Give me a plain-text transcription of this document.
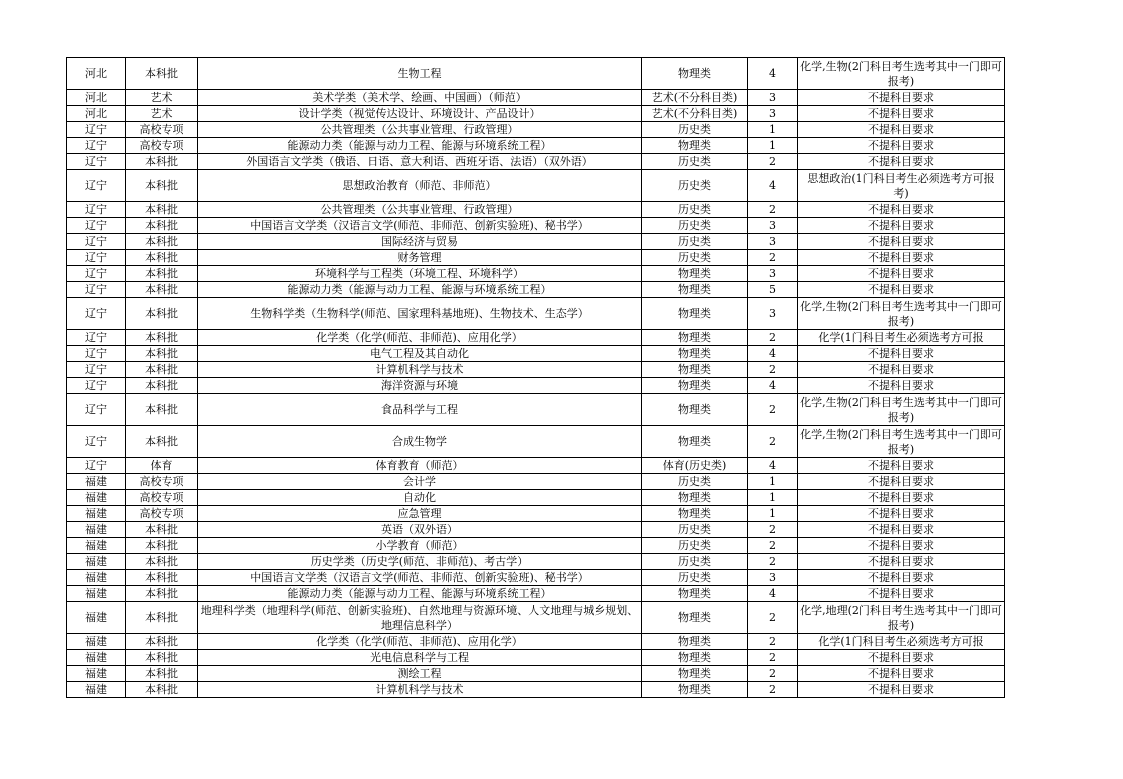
河北	本科批	生物工程	物理类	4	化学,生物(2门科目考生选考其中一门即可报考)
河北	艺术	美术学类（美术学、绘画、中国画）（师范）	艺术(不分科目类)	3	不提科目要求
河北	艺术	设计学类（视觉传达设计、环境设计、产品设计）	艺术(不分科目类)	3	不提科目要求
辽宁	高校专项	公共管理类（公共事业管理、行政管理）	历史类	1	不提科目要求
辽宁	高校专项	能源动力类（能源与动力工程、能源与环境系统工程）	物理类	1	不提科目要求
辽宁	本科批	外国语言文学类（俄语、日语、意大利语、西班牙语、法语）（双外语）	历史类	2	不提科目要求
辽宁	本科批	思想政治教育（师范、非师范）	历史类	4	思想政治(1门科目考生必须选考方可报考)
辽宁	本科批	公共管理类（公共事业管理、行政管理）	历史类	2	不提科目要求
辽宁	本科批	中国语言文学类（汉语言文学(师范、非师范、创新实验班)、秘书学）	历史类	3	不提科目要求
辽宁	本科批	国际经济与贸易	历史类	3	不提科目要求
辽宁	本科批	财务管理	历史类	2	不提科目要求
辽宁	本科批	环境科学与工程类（环境工程、环境科学）	物理类	3	不提科目要求
辽宁	本科批	能源动力类（能源与动力工程、能源与环境系统工程）	物理类	5	不提科目要求
辽宁	本科批	生物科学类（生物科学(师范、国家理科基地班)、生物技术、生态学）	物理类	3	化学,生物(2门科目考生选考其中一门即可报考)
辽宁	本科批	化学类（化学(师范、非师范)、应用化学）	物理类	2	化学(1门科目考生必须选考方可报
辽宁	本科批	电气工程及其自动化	物理类	4	不提科目要求
辽宁	本科批	计算机科学与技术	物理类	2	不提科目要求
辽宁	本科批	海洋资源与环境	物理类	4	不提科目要求
辽宁	本科批	食品科学与工程	物理类	2	化学,生物(2门科目考生选考其中一门即可报考)
辽宁	本科批	合成生物学	物理类	2	化学,生物(2门科目考生选考其中一门即可报考)
辽宁	体育	体育教育（师范）	体育(历史类)	4	不提科目要求
福建	高校专项	会计学	历史类	1	不提科目要求
福建	高校专项	自动化	物理类	1	不提科目要求
福建	高校专项	应急管理	物理类	1	不提科目要求
福建	本科批	英语（双外语）	历史类	2	不提科目要求
福建	本科批	小学教育（师范）	历史类	2	不提科目要求
福建	本科批	历史学类（历史学(师范、非师范)、考古学）	历史类	2	不提科目要求
福建	本科批	中国语言文学类（汉语言文学(师范、非师范、创新实验班)、秘书学）	历史类	3	不提科目要求
福建	本科批	能源动力类（能源与动力工程、能源与环境系统工程）	物理类	4	不提科目要求
福建	本科批	地理科学类（地理科学(师范、创新实验班)、自然地理与资源环境、人文地理与城乡规划、地理信息科学）	物理类	2	化学,地理(2门科目考生选考其中一门即可报考)
福建	本科批	化学类（化学(师范、非师范)、应用化学）	物理类	2	化学(1门科目考生必须选考方可报
福建	本科批	光电信息科学与工程	物理类	2	不提科目要求
福建	本科批	测绘工程	物理类	2	不提科目要求
福建	本科批	计算机科学与技术	物理类	2	不提科目要求
